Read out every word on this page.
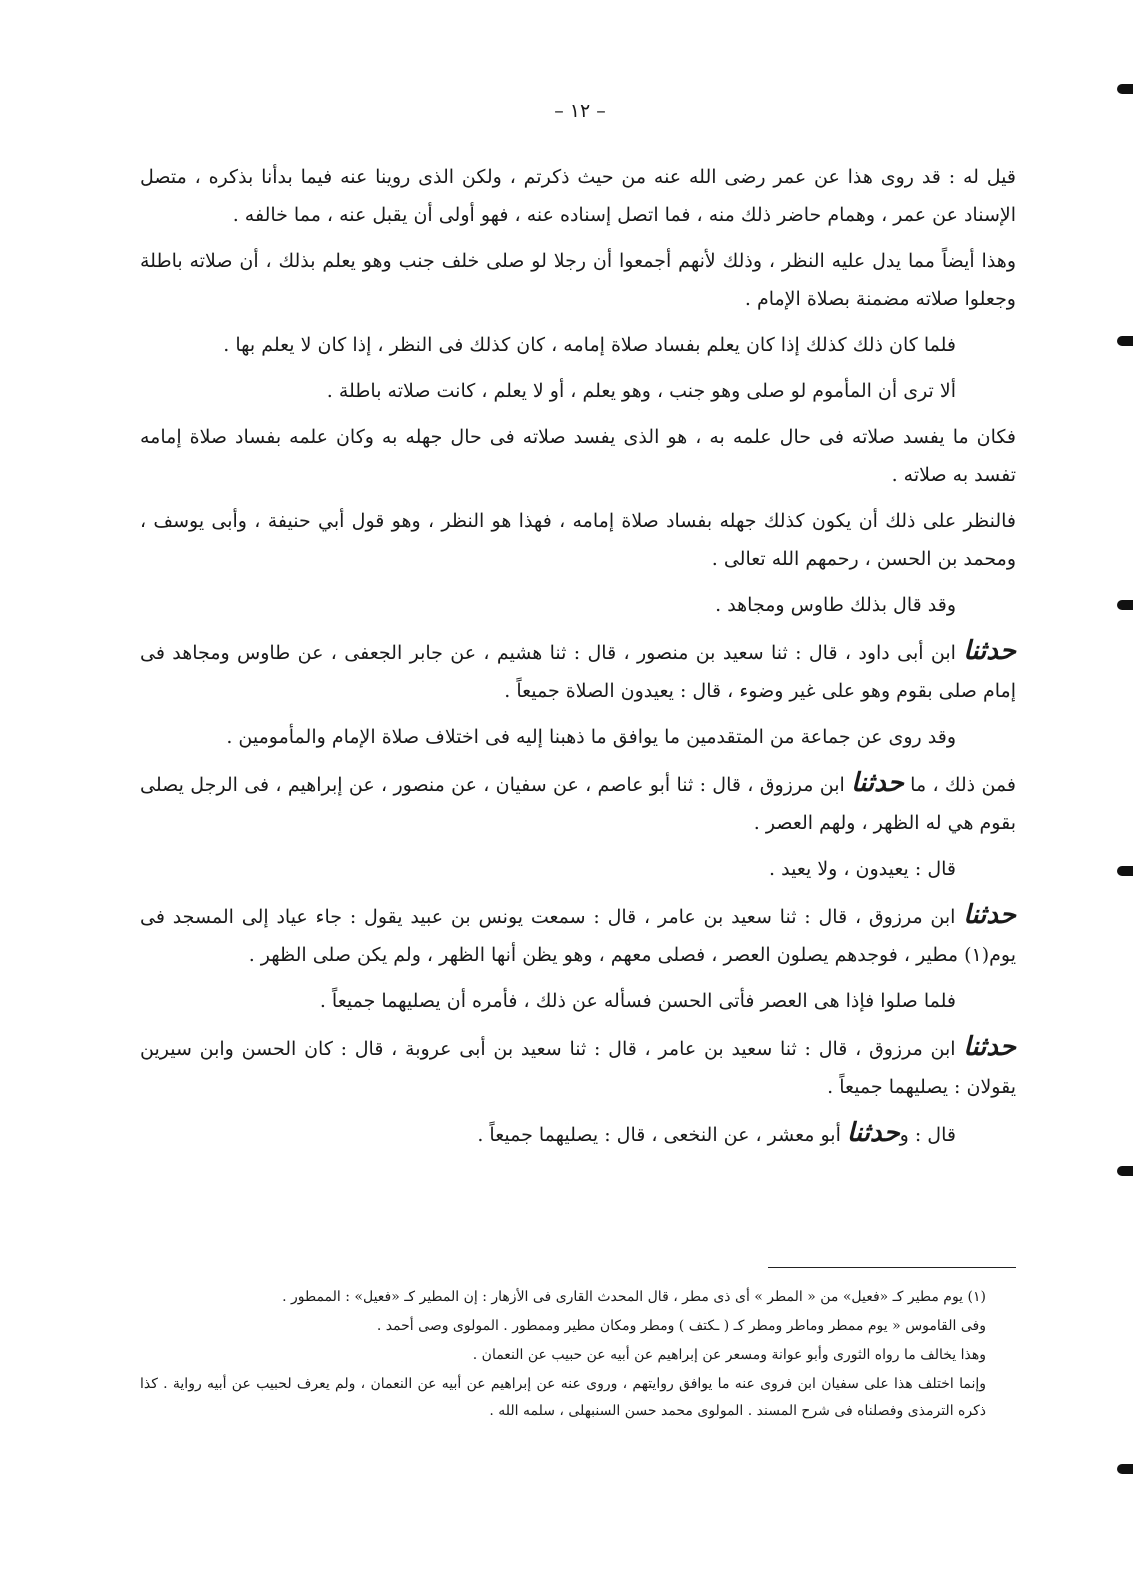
– ١٢ –

قيل له : قد روى هذا عن عمر رضى الله عنه من حيث ذكرتم ، ولكن الذى روينا عنه فيما بدأنا بذكره ، متصل الإسناد عن عمر ، وهمام حاضر ذلك منه ، فما اتصل إسناده عنه ، فهو أولى أن يقبل عنه ، مما خالفه .

وهذا أيضاً مما يدل عليه النظر ، وذلك لأنهم أجمعوا أن رجلا لو صلى خلف جنب وهو يعلم بذلك ، أن صلاته باطلة وجعلوا صلاته مضمنة بصلاة الإمام .

فلما كان ذلك كذلك إذا كان يعلم بفساد صلاة إمامه ، كان كذلك فى النظر ، إذا كان لا يعلم بها .

ألا ترى أن المأموم لو صلى وهو جنب ، وهو يعلم ، أو لا يعلم ، كانت صلاته باطلة .

فكان ما يفسد صلاته فى حال علمه به ، هو الذى يفسد صلاته فى حال جهله به وكان علمه بفساد صلاة إمامه تفسد به صلاته .

فالنظر على ذلك أن يكون كذلك جهله بفساد صلاة إمامه ، فهذا هو النظر ، وهو قول أبي حنيفة ، وأبى يوسف ، ومحمد بن الحسن ، رحمهم الله تعالى .

وقد قال بذلك طاوس ومجاهد .

حدثنا ابن أبى داود ، قال : ثنا سعيد بن منصور ، قال : ثنا هشيم ، عن جابر الجعفى ، عن طاوس ومجاهد فى إمام صلى بقوم وهو على غير وضوء ، قال : يعيدون الصلاة جميعاً .

وقد روى عن جماعة من المتقدمين ما يوافق ما ذهبنا إليه فى اختلاف صلاة الإمام والمأمومين .

فمن ذلك ، ما حدثنا ابن مرزوق ، قال : ثنا أبو عاصم ، عن سفيان ، عن منصور ، عن إبراهيم ، فى الرجل يصلى بقوم هي له الظهر ، ولهم العصر .

قال : يعيدون ، ولا يعيد .

حدثنا ابن مرزوق ، قال : ثنا سعيد بن عامر ، قال : سمعت يونس بن عبيد يقول : جاء عياد إلى المسجد فى يوم(١) مطير ، فوجدهم يصلون العصر ، فصلى معهم ، وهو يظن أنها الظهر ، ولم يكن صلى الظهر .

فلما صلوا فإذا هى العصر فأتى الحسن فسأله عن ذلك ، فأمره أن يصليهما جميعاً .

حدثنا ابن مرزوق ، قال : ثنا سعيد بن عامر ، قال : ثنا سعيد بن أبى عروبة ، قال : كان الحسن وابن سيرين يقولان : يصليهما جميعاً .

قال : وحدثنا أبو معشر ، عن النخعى ، قال : يصليهما جميعاً .

(١) يوم مطير كـ «فعيل» من « المطر » أى ذى مطر ، قال المحدث القارى فى الأزهار : إن المطير كـ «فعيل» : الممطور .

وفى القاموس « يوم ممطر وماطر ومطر كـ ( ـكتف ) ومطر ومكان مطير وممطور . المولوى وصى أحمد .

وهذا يخالف ما رواه الثورى وأبو عوانة ومسعر عن إبراهيم عن أبيه عن حبيب عن النعمان .

وإنما اختلف هذا على سفيان ابن فروى عنه ما يوافق روايتهم ، وروى عنه عن إبراهيم عن أبيه عن النعمان ، ولم يعرف لحبيب عن أبيه رواية . كذا ذكره الترمذى وفصلناه فى شرح المسند . المولوى محمد حسن السنبهلى ، سلمه الله .
